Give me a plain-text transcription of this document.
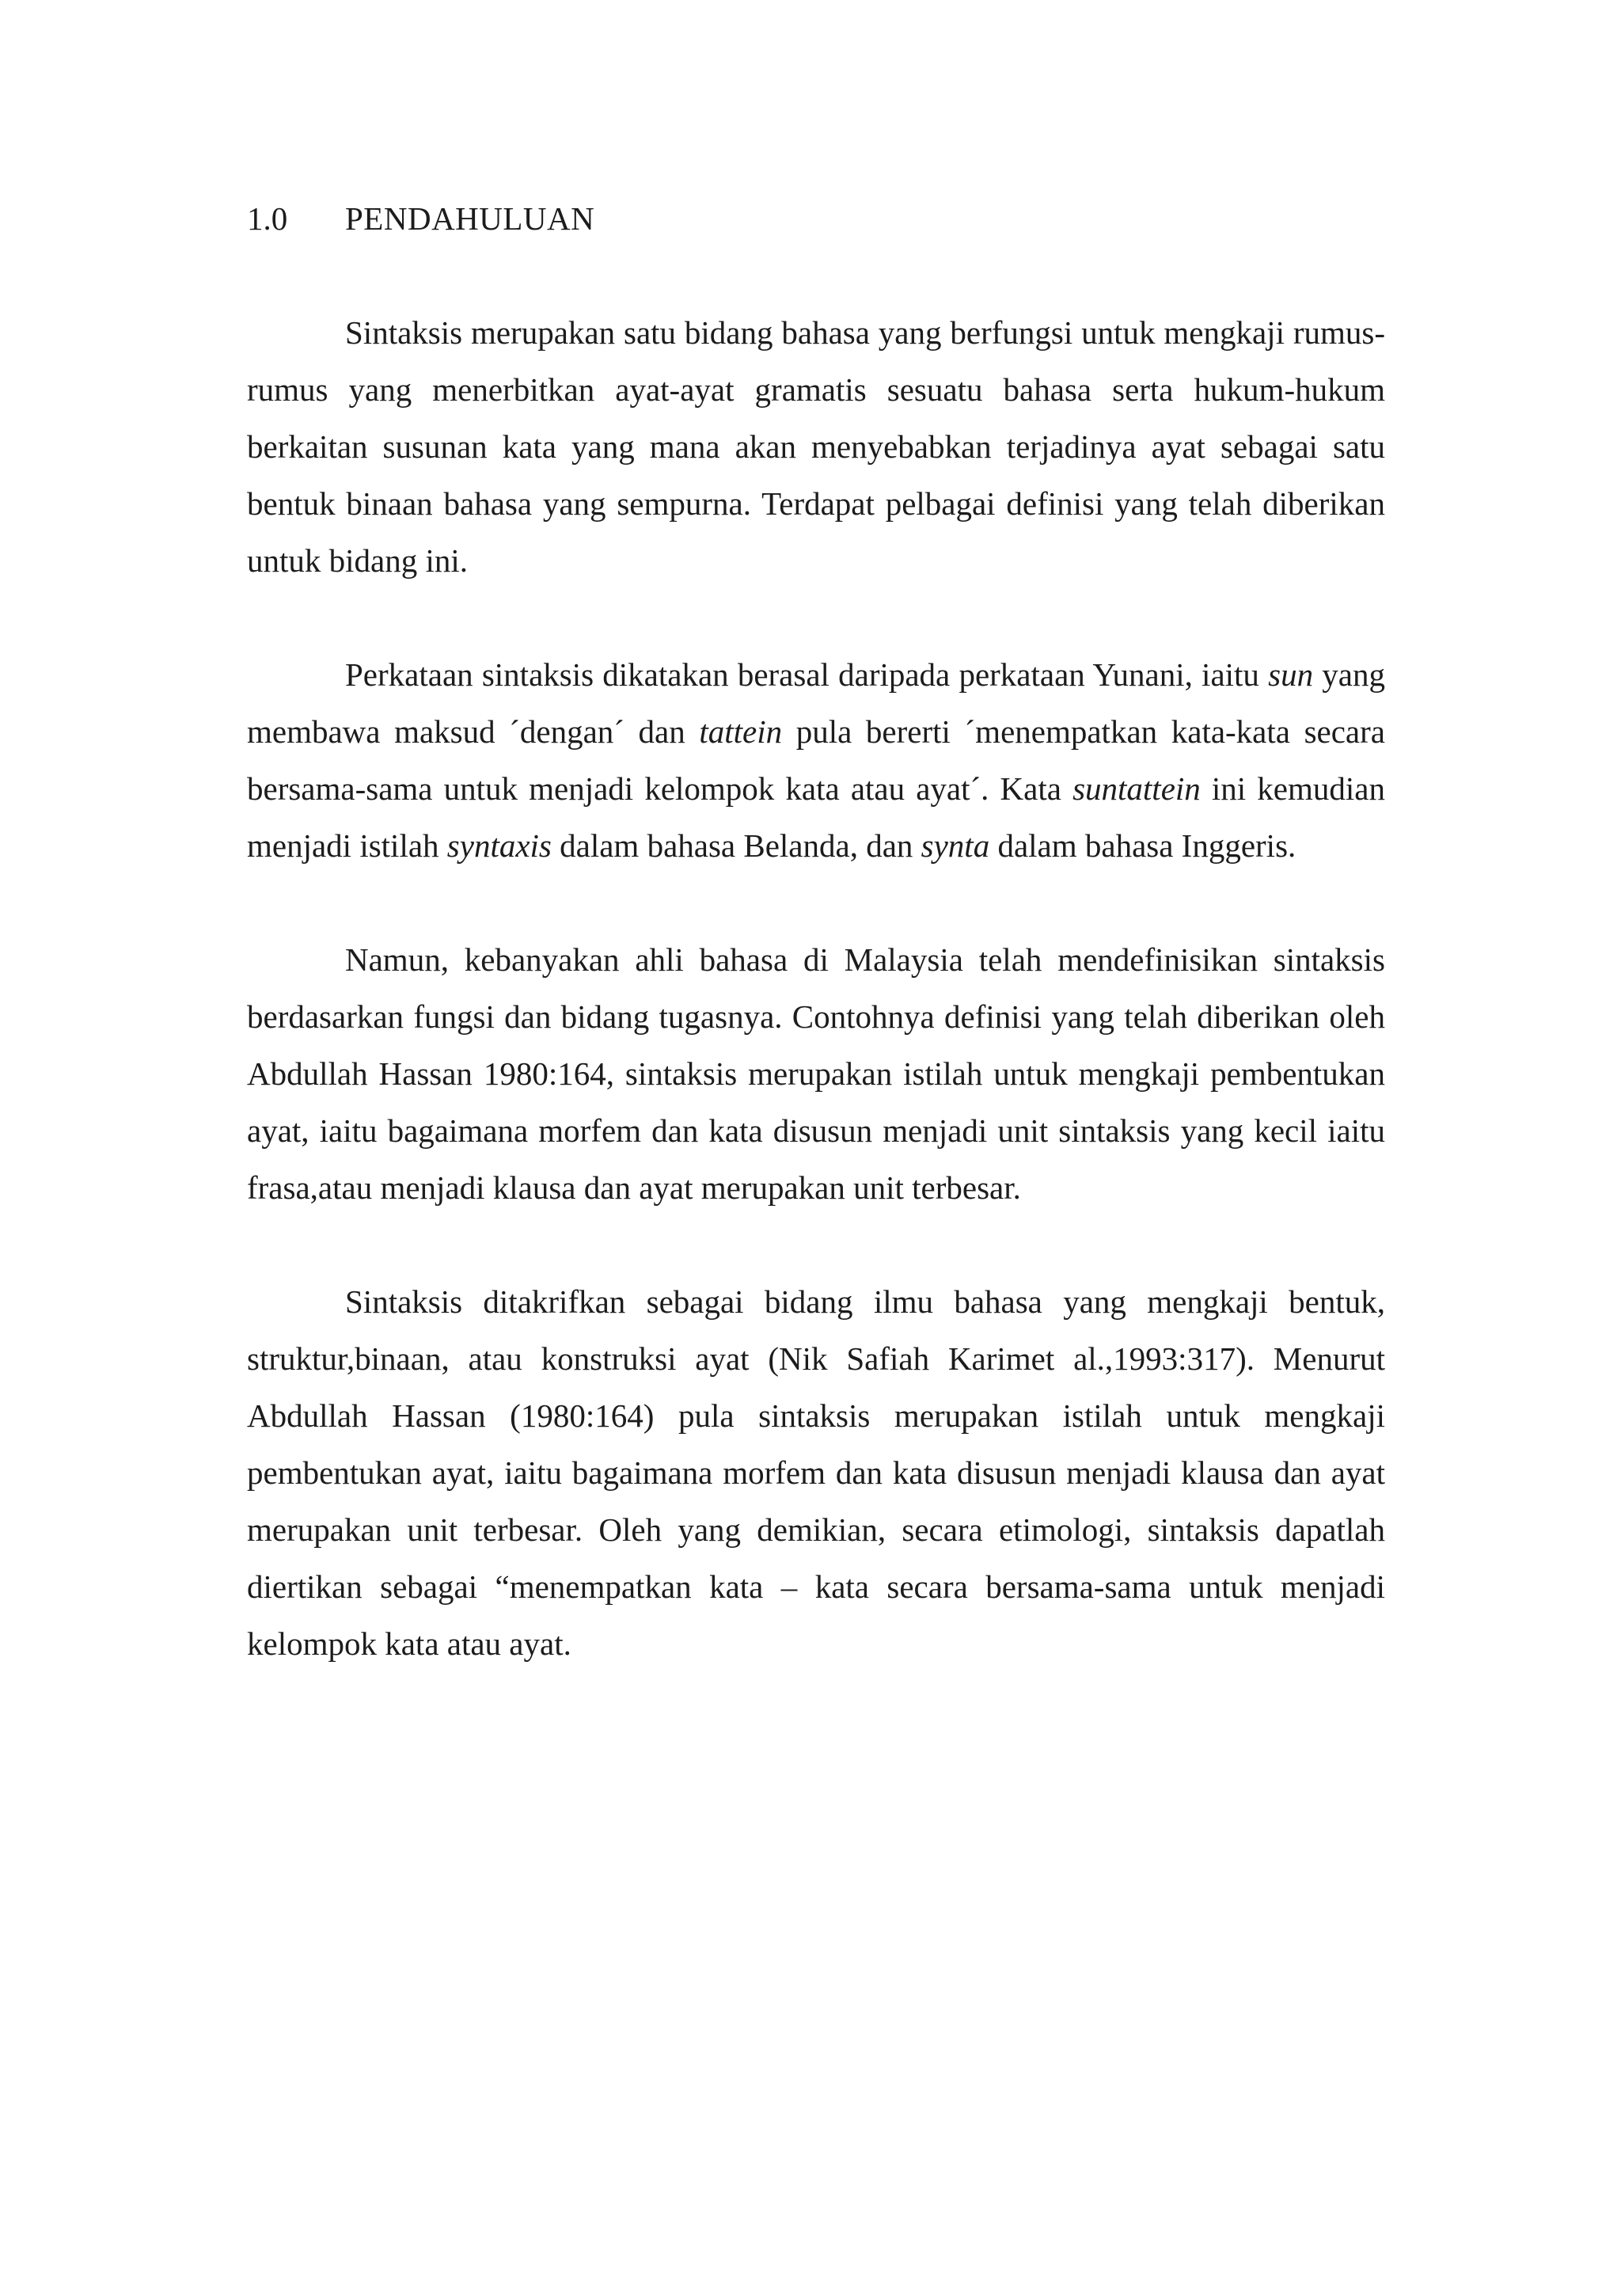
1.0	PENDAHULUAN

Sintaksis merupakan satu bidang bahasa yang berfungsi untuk mengkaji rumus-rumus yang menerbitkan ayat-ayat gramatis sesuatu bahasa serta hukum-hukum berkaitan susunan kata yang mana akan menyebabkan terjadinya ayat sebagai satu bentuk binaan bahasa yang sempurna. Terdapat pelbagai definisi yang telah diberikan untuk bidang ini.

Perkataan sintaksis dikatakan berasal daripada perkataan Yunani, iaitu sun yang membawa maksud ´dengan´ dan tattein pula bererti ´menempatkan kata-kata secara bersama-sama untuk menjadi kelompok kata atau ayat´. Kata suntattein ini kemudian menjadi istilah syntaxis dalam bahasa Belanda, dan synta dalam bahasa Inggeris.

Namun, kebanyakan ahli bahasa di Malaysia telah mendefinisikan sintaksis berdasarkan fungsi dan bidang tugasnya. Contohnya definisi yang telah diberikan oleh Abdullah Hassan 1980:164, sintaksis merupakan istilah untuk mengkaji pembentukan ayat, iaitu bagaimana morfem dan kata disusun menjadi unit sintaksis yang kecil iaitu frasa,atau menjadi klausa dan ayat merupakan unit terbesar.

Sintaksis ditakrifkan sebagai bidang ilmu bahasa yang mengkaji bentuk, struktur,binaan, atau konstruksi ayat (Nik Safiah Karimet al.,1993:317). Menurut Abdullah Hassan (1980:164) pula sintaksis merupakan istilah untuk mengkaji pembentukan ayat, iaitu bagaimana morfem dan kata disusun menjadi klausa dan ayat merupakan unit terbesar. Oleh yang demikian, secara etimologi, sintaksis dapatlah diertikan sebagai “menempatkan kata – kata secara bersama-sama untuk menjadi kelompok kata atau ayat.
